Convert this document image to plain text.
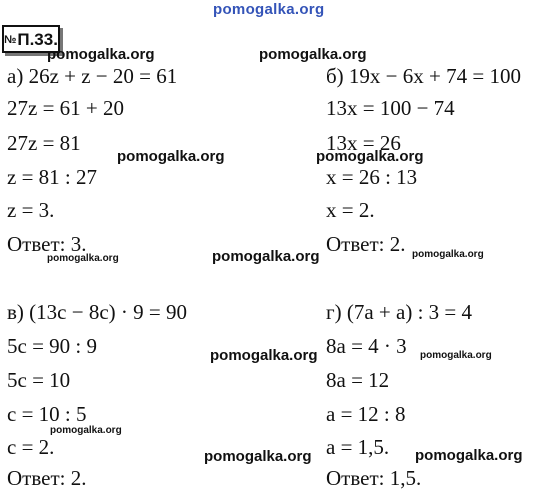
pomogalka.org
№П.33.
pomogalka.org	pomogalka.org
pomogalka.org	pomogalka.org
pomogalka.org	pomogalka.org	pomogalka.org
pomogalka.org	pomogalka.org
pomogalka.org
pomogalka.org	pomogalka.org
а) 26z + z − 20 = 61
27z = 61 + 20
27z = 81
z = 81 : 27
z = 3.
Ответ: 3.
б) 19x − 6x + 74 = 100
13x = 100 − 74
13x = 26
x = 26 : 13
x = 2.
Ответ: 2.
в) (13c − 8c) · 9 = 90
5c = 90 : 9
5c = 10
c = 10 : 5
c = 2.
Ответ: 2.
г) (7a + a) : 3 = 4
8a = 4 · 3
8a = 12
a = 12 : 8
a = 1,5.
Ответ: 1,5.
